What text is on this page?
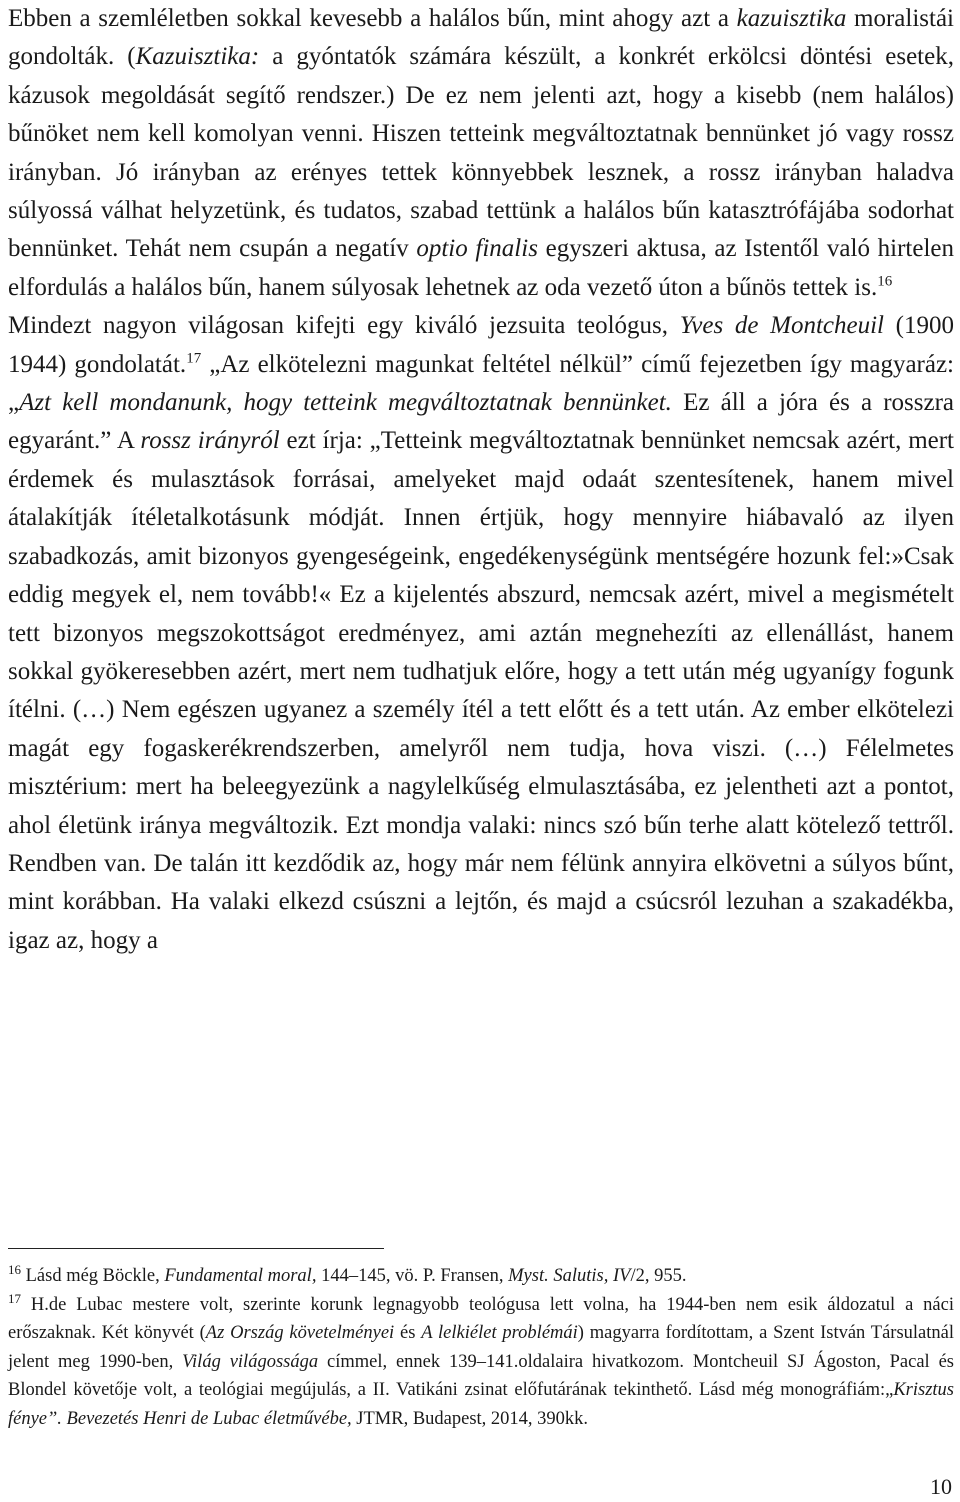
Ebben a szemléletben sokkal kevesebb a halálos bűn, mint ahogy azt a kazuisztika moralistái gondolták. (Kazuisztika: a gyóntatók számára készült, a konkrét erkölcsi döntési esetek, kázusok megoldását segítő rendszer.) De ez nem jelenti azt, hogy a kisebb (nem halálos) bűnöket nem kell komolyan venni. Hiszen tetteink megváltoztatnak bennünket jó vagy rossz irányban. Jó irányban az erényes tettek könnyebbek lesznek, a rossz irányban haladva súlyossá válhat helyzetünk, és tudatos, szabad tettünk a halálos bűn katasztrófájába sodorhat bennünket. Tehát nem csupán a negatív optio finalis egyszeri aktusa, az Istentől való hirtelen elfordulás a halálos bűn, hanem súlyosak lehetnek az oda vezető úton a bűnös tettek is.$^{16}$

Mindezt nagyon világosan kifejti egy kiváló jezsuita teológus, Yves de Montcheuil (1900 1944) gondolatát.$^{17}$ „Az elkötelezni magunkat feltétel nélkül” című fejezetben így magyaráz: „Azt kell mondanunk, hogy tetteink megváltoztatnak bennünket. Ez áll a jóra és a rosszra egyaránt.” A rossz irányról ezt írja: „Tetteink megváltoztatnak bennünket nemcsak azért, mert érdemek és mulasztások forrásai, amelyeket majd odaát szentesítenek, hanem mivel átalakítják ítéletalkotásunk módját. Innen értjük, hogy mennyire hiábavaló az ilyen szabadkozás, amit bizonyos gyengeségeink, engedékenységünk mentségére hozunk fel:»Csak eddig megyek el, nem tovább!« Ez a kijelentés abszurd, nemcsak azért, mivel a megismételt tett bizonyos megszokottságot eredményez, ami aztán megnehezíti az ellenállást, hanem sokkal gyökeresebben azért, mert nem tudhatjuk előre, hogy a tett után még ugyanígy fogunk ítélni. (…) Nem egészen ugyanez a személy ítél a tett előtt és a tett után. Az ember elkötelezi magát egy fogaskerékrendszerben, amelyről nem tudja, hova viszi. (…) Félelmetes misztérium: mert ha beleegyezünk a nagylelkűség elmulasztásába, ez jelentheti azt a pontot, ahol életünk iránya megváltozik. Ezt mondja valaki: nincs szó bűn terhe alatt kötelező tettről. Rendben van. De talán itt kezdődik az, hogy már nem félünk annyira elkövetni a súlyos bűnt, mint korábban. Ha valaki elkezd csúszni a lejtőn, és majd a csúcsról lezuhan a szakadékba, igaz az, hogy a

$^{16}$ Lásd még Böckle, Fundamental moral, 144–145, vö. P. Fransen, Myst. Salutis, IV/2, 955.

$^{17}$ H.de Lubac mestere volt, szerinte korunk legnagyobb teológusa lett volna, ha 1944-ben nem esik áldozatul a náci erőszaknak. Két könyvét (Az Ország követelményei és A lelkiélet problémái) magyarra fordítottam, a Szent István Társulatnál jelent meg 1990-ben, Világ világossága címmel, ennek 139–141.oldalaira hivatkozom. Montcheuil SJ Ágoston, Pacal és Blondel követője volt, a teológiai megújulás, a II. Vatikáni zsinat előfutárának tekinthető. Lásd még monográfiám:„Krisztus fénye”. Bevezetés Henri de Lubac életművébe, JTMR, Budapest, 2014, 390kk.

10
